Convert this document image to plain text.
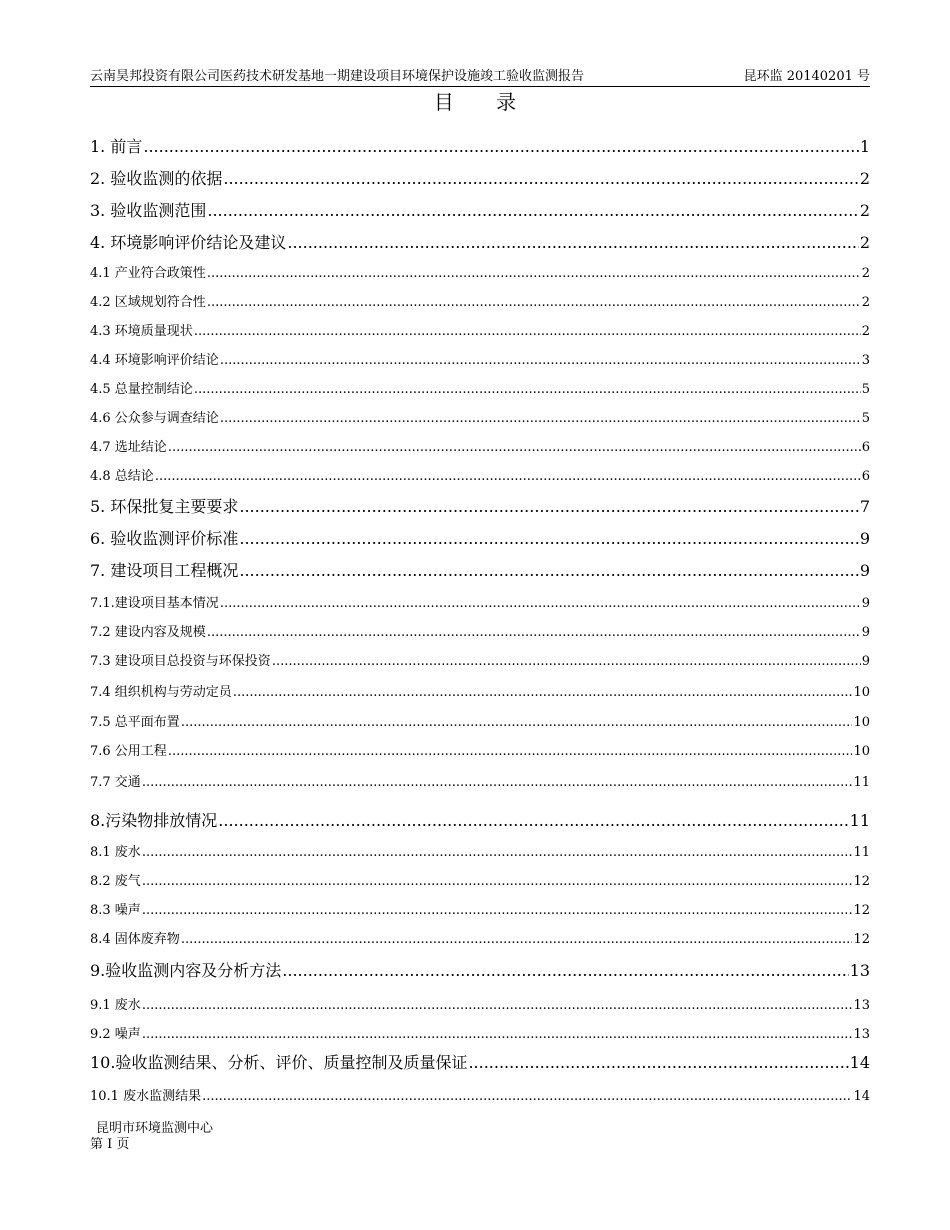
云南昊邦投资有限公司医药技术研发基地一期建设项目环境保护设施竣工验收监测报告	昆环监 20140201 号
目 录
1. 前言 .....	1
2. 验收监测的依据 .....	2
3. 验收监测范围 .....	2
4. 环境影响评价结论及建议 .....	2
4.1 产业符合政策性 .....	2
4.2 区域规划符合性 .....	2
4.3 环境质量现状 .....	2
4.4 环境影响评价结论 .....	3
4.5 总量控制结论 .....	5
4.6 公众参与调查结论 .....	5
4.7 选址结论 .....	6
4.8 总结论 .....	6
5. 环保批复主要要求 .....	7
6. 验收监测评价标准 .....	9
7. 建设项目工程概况 .....	9
7.1.建设项目基本情况 .....	9
7.2 建设内容及规模 .....	9
7.3 建设项目总投资与环保投资 .....	9
7.4 组织机构与劳动定员 .....	10
7.5 总平面布置 .....	10
7.6 公用工程 .....	10
7.7 交通 .....	11
8.污染物排放情况 .....	11
8.1 废水 .....	11
8.2 废气 .....	12
8.3 噪声 .....	12
8.4 固体废弃物 .....	12
9.验收监测内容及分析方法 .....	13
9.1 废水 .....	13
9.2 噪声 .....	13
10.验收监测结果、分析、评价、质量控制及质量保证 .....	14
10.1 废水监测结果 .....	14
昆明市环境监测中心
第 I 页
